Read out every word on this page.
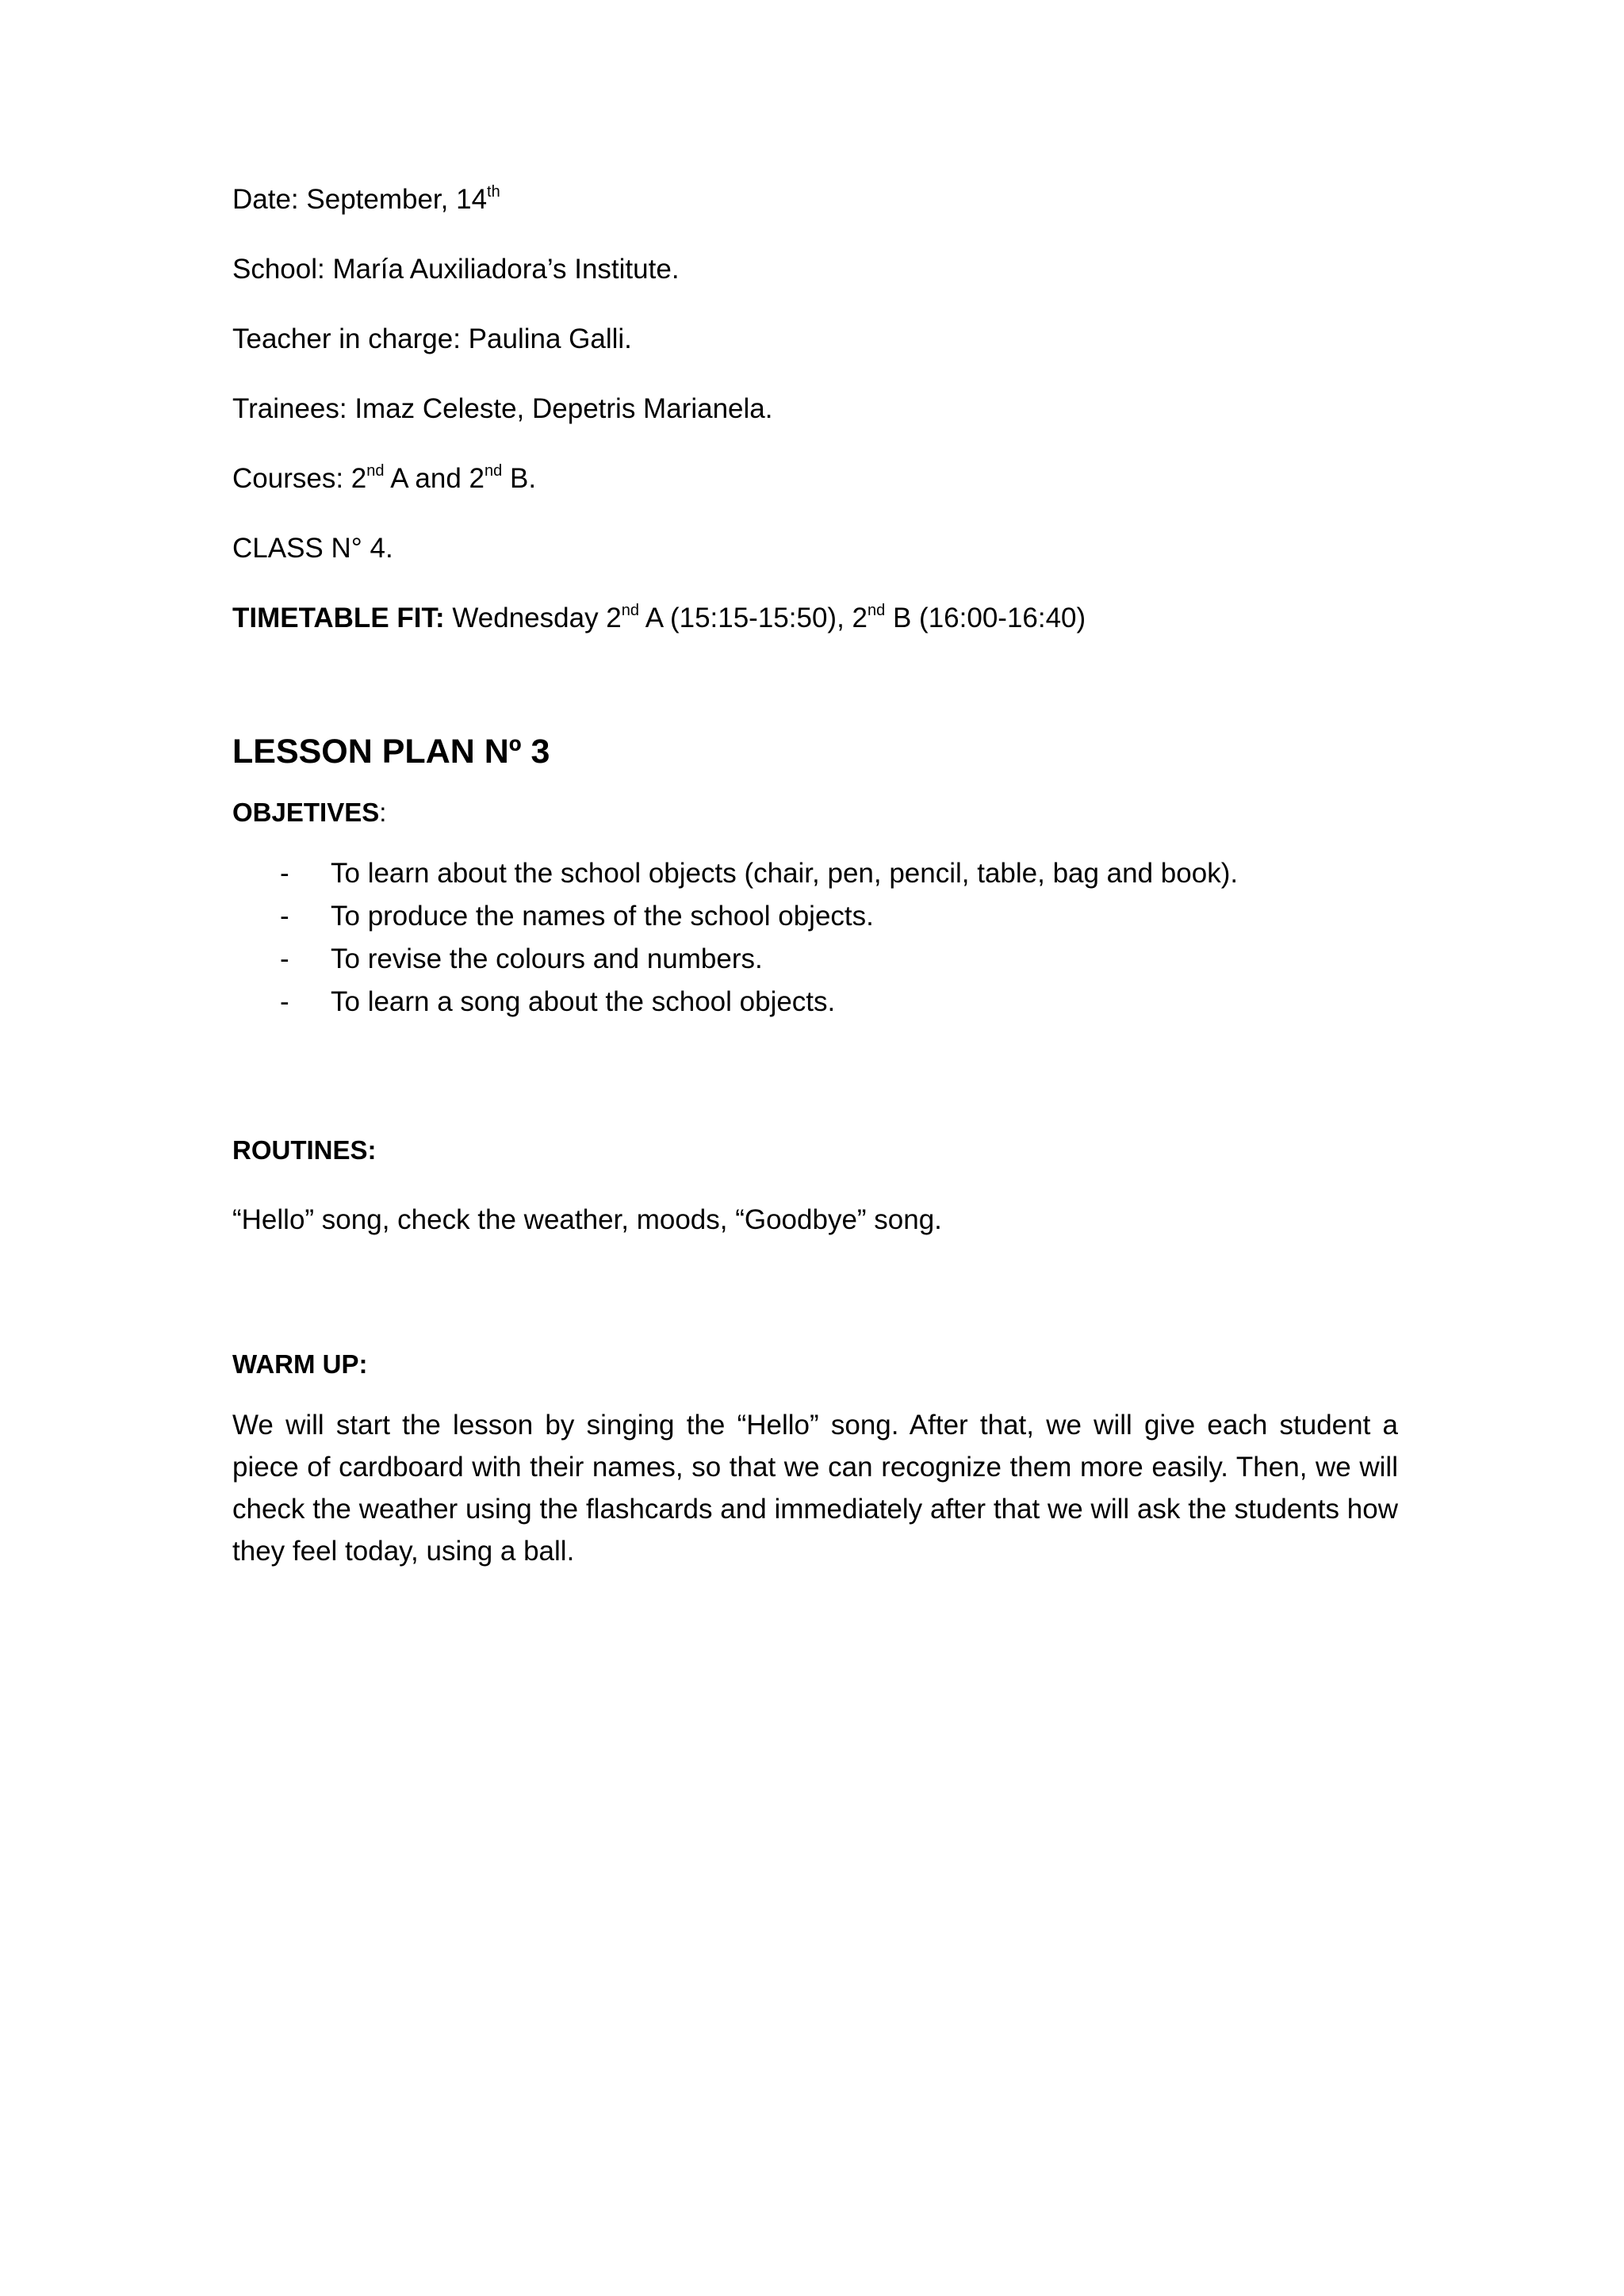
Date: September, 14th

School: María Auxiliadora’s Institute.

Teacher in charge: Paulina Galli.

Trainees: Imaz Celeste, Depetris Marianela.

Courses: 2nd A and 2nd B.

CLASS N° 4.

TIMETABLE FIT: Wednesday 2nd A (15:15-15:50), 2nd B (16:00-16:40)

LESSON PLAN Nº 3

OBJETIVES:

- To learn about the school objects (chair, pen, pencil, table, bag and book).
- To produce the names of the school objects.
- To revise the colours and numbers.
- To learn a song about the school objects.

ROUTINES:

“Hello” song, check the weather, moods, “Goodbye” song.

WARM UP:

We will start the lesson by singing the “Hello” song. After that, we will give each student a piece of cardboard with their names, so that we can recognize them more easily. Then, we will check the weather using the flashcards and immediately after that we will ask the students how they feel today, using a ball.
